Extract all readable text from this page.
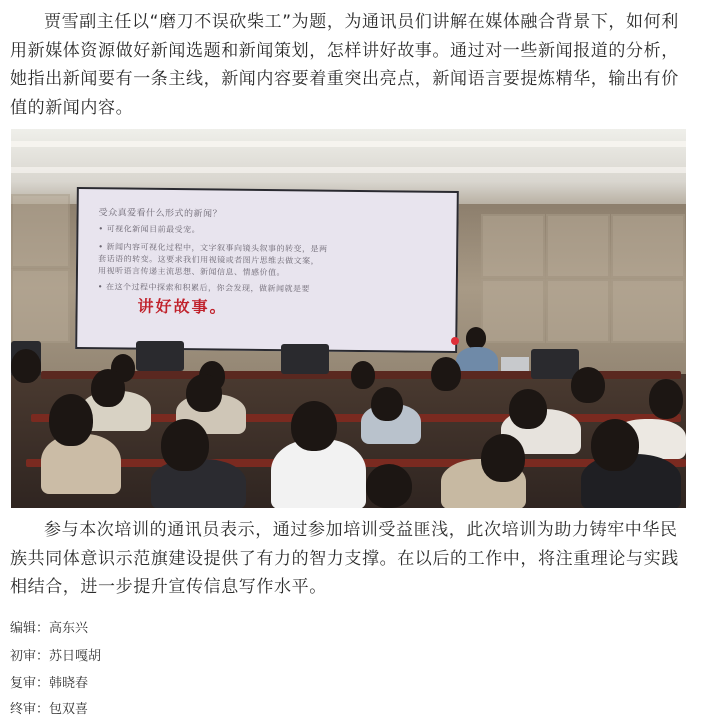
贾雪副主任以“磨刀不误砍柴工”为题，为通讯员们讲解在媒体融合背景下，如何利用新媒体资源做好新闻选题和新闻策划，怎样讲好故事。通过对一些新闻报道的分析，她指出新闻要有一条主线，新闻内容要着重突出亮点，新闻语言要提炼精华，输出有价值的新闻内容。

受众真爱看什么形式的新闻？
• 可视化新闻目前最受宠。
• 新闻内容可视化过程中，文字叙事向镜头叙事的转变，是两
套话语的转变。这要求我们用视镜或者图片思维去做文案，
用视听语言传递主流思想、新闻信息、情感价值。
• 在这个过程中探索和积累后，你会发现，做新闻就是要
讲好故事。

参与本次培训的通讯员表示，通过参加培训受益匪浅，此次培训为助力铸牢中华民族共同体意识示范旗建设提供了有力的智力支撑。在以后的工作中，将注重理论与实践相结合，进一步提升宣传信息写作水平。

编辑：高东兴

初审：苏日嘎胡

复审：韩晓春

终审：包双喜
